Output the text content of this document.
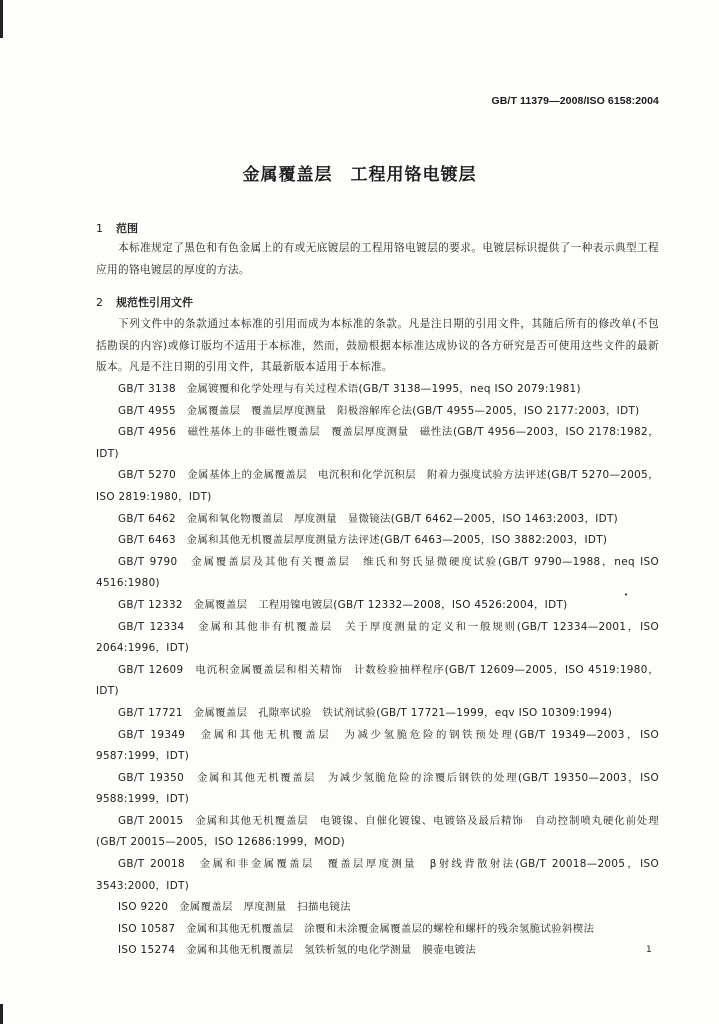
GB/T 11379—2008/ISO 6158:2004
金属覆盖层 工程用铬电镀层
1 范围
本标准规定了黑色和有色金属上的有或无底镀层的工程用铬电镀层的要求。电镀层标识提供了一种表示典型工程应用的铬电镀层的厚度的方法。
2 规范性引用文件
下列文件中的条款通过本标准的引用而成为本标准的条款。凡是注日期的引用文件，其随后所有的修改单(不包括勘误的内容)或修订版均不适用于本标准，然而，鼓励根据本标准达成协议的各方研究是否可使用这些文件的最新版本。凡是不注日期的引用文件，其最新版本适用于本标准。
GB/T 3138　金属镀覆和化学处理与有关过程术语(GB/T 3138—1995，neq ISO 2079:1981)
GB/T 4955　金属覆盖层　覆盖层厚度测量　阳极溶解库仑法(GB/T 4955—2005，ISO 2177:2003，IDT)
GB/T 4956　磁性基体上的非磁性覆盖层　覆盖层厚度测量　磁性法(GB/T 4956—2003，ISO 2178:1982，IDT)
GB/T 5270　金属基体上的金属覆盖层　电沉积和化学沉积层　附着力强度试验方法评述(GB/T 5270—2005，ISO 2819:1980，IDT)
GB/T 6462　金属和氧化物覆盖层　厚度测量　显微镜法(GB/T 6462—2005，ISO 1463:2003，IDT)
GB/T 6463　金属和其他无机覆盖层厚度测量方法评述(GB/T 6463—2005，ISO 3882:2003，IDT)
GB/T 9790　金属覆盖层及其他有关覆盖层　维氏和努氏显微硬度试验(GB/T 9790—1988，neq ISO 4516:1980)
GB/T 12332　金属覆盖层　工程用镍电镀层(GB/T 12332—2008，ISO 4526:2004，IDT)
GB/T 12334　金属和其他非有机覆盖层　关于厚度测量的定义和一般规则(GB/T 12334—2001，ISO 2064:1996，IDT)
GB/T 12609　电沉积金属覆盖层和相关精饰　计数检验抽样程序(GB/T 12609—2005，ISO 4519:1980，IDT)
GB/T 17721　金属覆盖层　孔隙率试验　铁试剂试验(GB/T 17721—1999，eqv ISO 10309:1994)
GB/T 19349　金属和其他无机覆盖层　为减少氢脆危险的钢铁预处理(GB/T 19349—2003，ISO 9587:1999，IDT)
GB/T 19350　金属和其他无机覆盖层　为减少氢脆危险的涂覆后钢铁的处理(GB/T 19350—2003，ISO 9588:1999，IDT)
GB/T 20015　金属和其他无机覆盖层　电镀镍、自催化镀镍、电镀铬及最后精饰　自动控制喷丸硬化前处理(GB/T 20015—2005，ISO 12686:1999，MOD)
GB/T 20018　金属和非金属覆盖层　覆盖层厚度测量　β射线背散射法(GB/T 20018—2005，ISO 3543:2000，IDT)
ISO 9220　金属覆盖层　厚度测量　扫描电镜法
ISO 10587　金属和其他无机覆盖层　涂覆和未涂覆金属覆盖层的螺栓和螺杆的残余氢脆试验斜楔法
ISO 15274　金属和其他无机覆盖层　氢铁析氢的电化学测量　膜壶电镀法
•
1
